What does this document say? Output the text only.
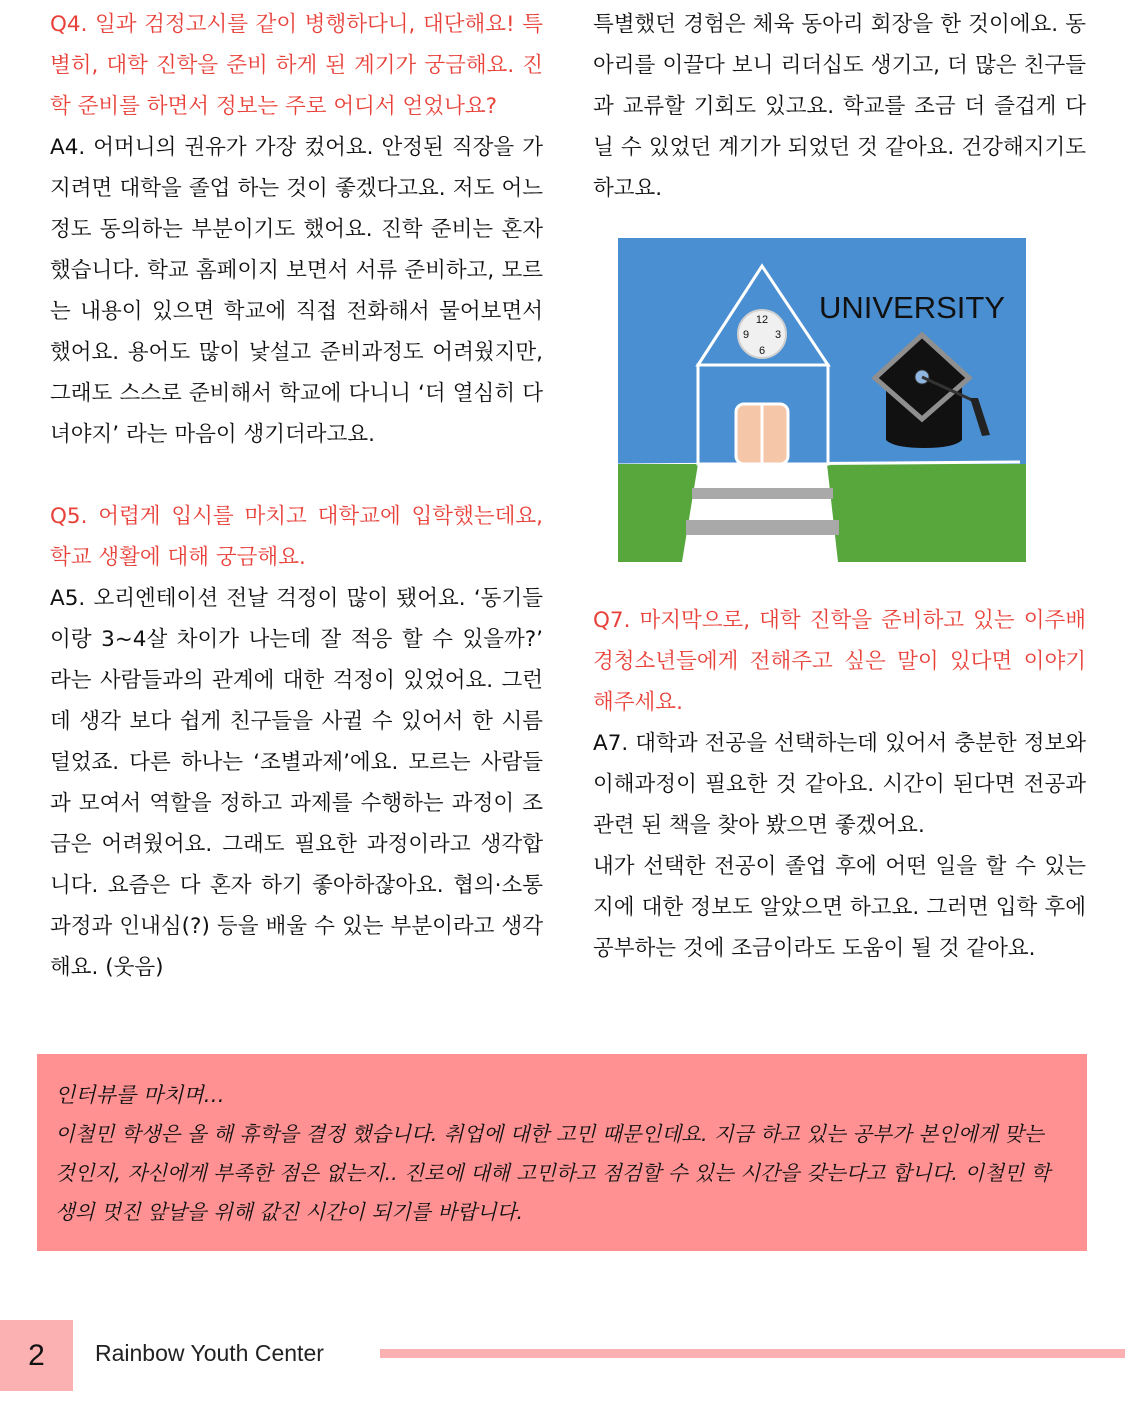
Q4. 일과 검정고시를 같이 병행하다니, 대단해요! 특별히, 대학 진학을 준비 하게 된 계기가 궁금해요. 진학 준비를 하면서 정보는 주로 어디서 얻었나요?
A4. 어머니의 권유가 가장 컸어요. 안정된 직장을 가지려면 대학을 졸업 하는 것이 좋겠다고요. 저도 어느 정도 동의하는 부분이기도 했어요. 진학 준비는 혼자 했습니다. 학교 홈페이지 보면서 서류 준비하고, 모르는 내용이 있으면 학교에 직접 전화해서 물어보면서 했어요. 용어도 많이 낯설고 준비과정도 어려웠지만, 그래도 스스로 준비해서 학교에 다니니 ‘더 열심히 다녀야지’ 라는 마음이 생기더라고요.
Q5. 어렵게 입시를 마치고 대학교에 입학했는데요, 학교 생활에 대해 궁금해요.
A5. 오리엔테이션 전날 걱정이 많이 됐어요. ‘동기들이랑 3~4살 차이가 나는데 잘 적응 할 수 있을까?’ 라는 사람들과의 관계에 대한 걱정이 있었어요. 그런데 생각 보다 쉽게 친구들을 사귈 수 있어서 한 시름 덜었죠. 다른 하나는 ‘조별과제’에요. 모르는 사람들과 모여서 역할을 정하고 과제를 수행하는 과정이 조금은 어려웠어요. 그래도 필요한 과정이라고 생각합니다. 요즘은 다 혼자 하기 좋아하잖아요. 협의·소통 과정과 인내심(?) 등을 배울 수 있는 부분이라고 생각해요. (웃음)
특별했던 경험은 체육 동아리 회장을 한 것이에요. 동아리를 이끌다 보니 리더십도 생기고, 더 많은 친구들과 교류할 기회도 있고요. 학교를 조금 더 즐겁게 다닐 수 있었던 계기가 되었던 것 같아요. 건강해지기도 하고요.
Q7. 마지막으로, 대학 진학을 준비하고 있는 이주배경청소년들에게 전해주고 싶은 말이 있다면 이야기 해주세요.
A7. 대학과 전공을 선택하는데 있어서 충분한 정보와 이해과정이 필요한 것 같아요. 시간이 된다면 전공과 관련 된 책을 찾아 봤으면 좋겠어요.
내가 선택한 전공이 졸업 후에 어떤 일을 할 수 있는지에 대한 정보도 알았으면 하고요. 그러면 입학 후에 공부하는 것에 조금이라도 도움이 될 것 같아요.
12
3
6
9
UNIVERSITY
인터뷰를 마치며…
이철민 학생은 올 해 휴학을 결정 했습니다. 취업에 대한 고민 때문인데요. 지금 하고 있는 공부가 본인에게 맞는 것인지, 자신에게 부족한 점은 없는지.. 진로에 대해 고민하고 점검할 수 있는 시간을 갖는다고 합니다. 이철민 학생의 멋진 앞날을 위해 값진 시간이 되기를 바랍니다.
2	Rainbow Youth Center
